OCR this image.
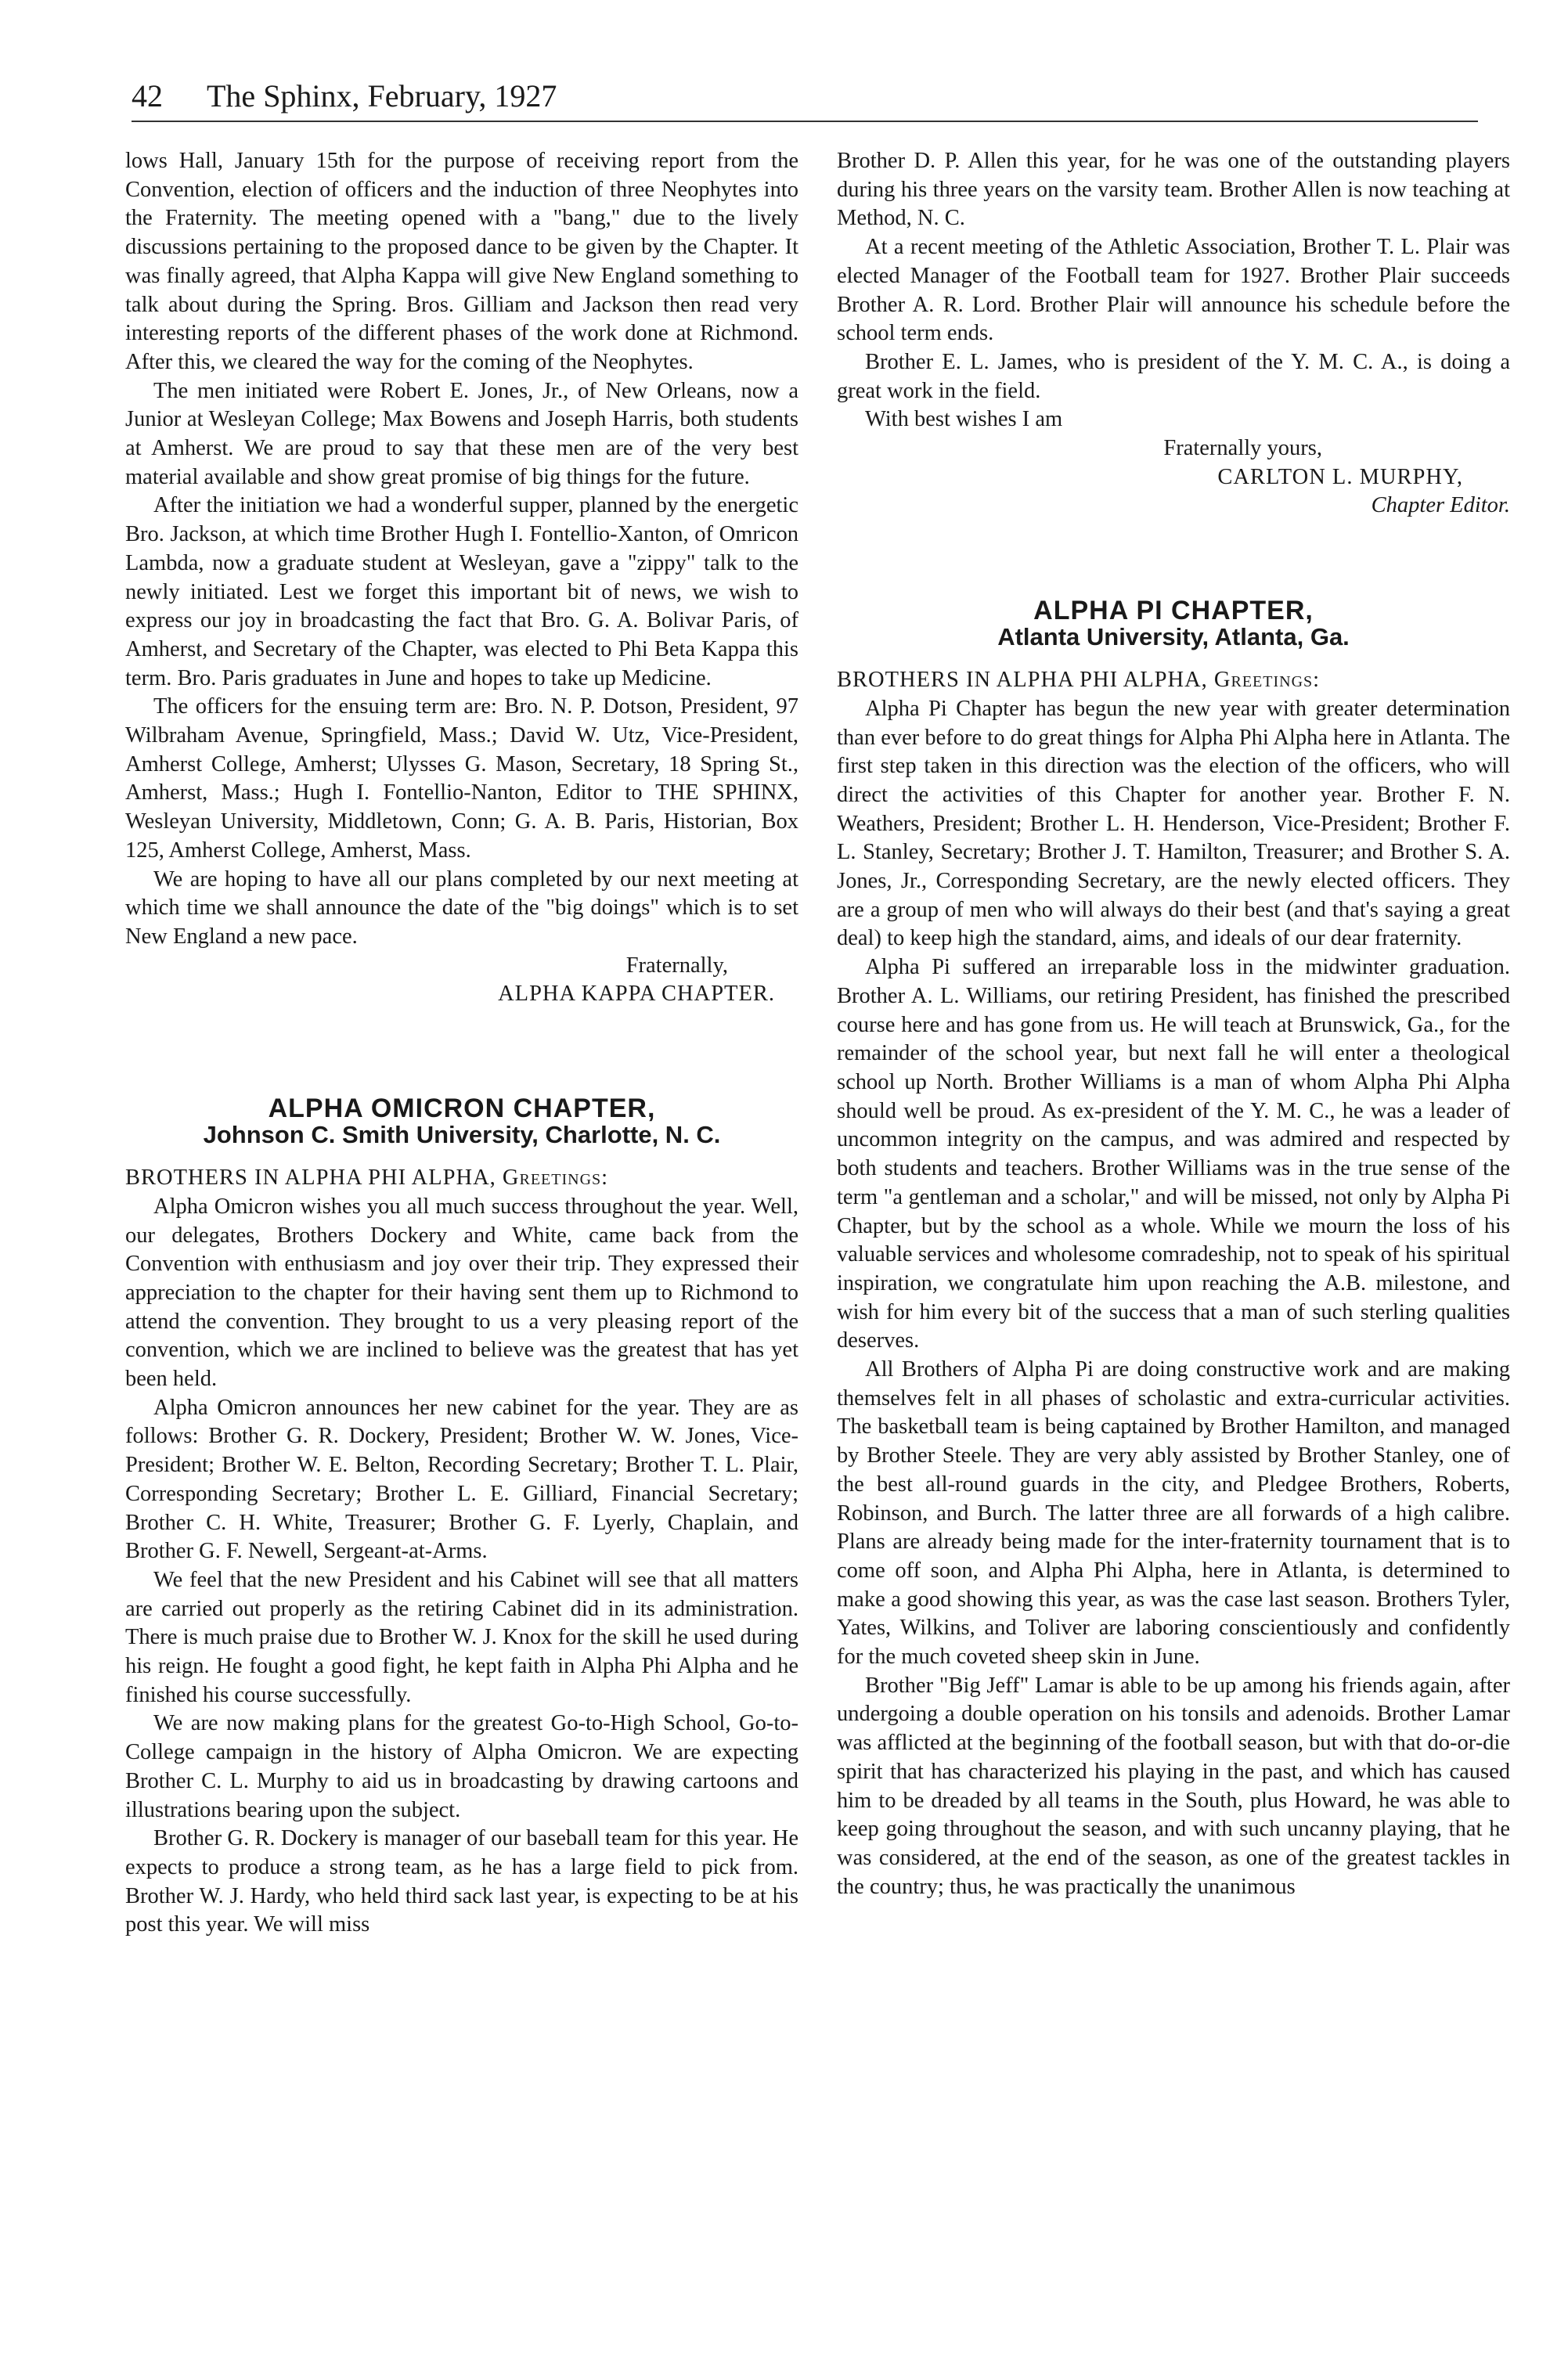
42 The Sphinx, February, 1927

lows Hall, January 15th for the purpose of receiving report from the Convention, election of officers and the induction of three Neophytes into the Fraternity. The meeting opened with a "bang," due to the lively discussions pertaining to the proposed dance to be given by the Chapter. It was finally agreed, that Alpha Kappa will give New England something to talk about during the Spring. Bros. Gilliam and Jackson then read very interesting reports of the different phases of the work done at Richmond. After this, we cleared the way for the coming of the Neophytes.

The men initiated were Robert E. Jones, Jr., of New Orleans, now a Junior at Wesleyan College; Max Bowens and Joseph Harris, both students at Amherst. We are proud to say that these men are of the very best material available and show great promise of big things for the future.

After the initiation we had a wonderful supper, planned by the energetic Bro. Jackson, at which time Brother Hugh I. Fontellio-Xanton, of Omricon Lambda, now a graduate student at Wesleyan, gave a "zippy" talk to the newly initiated. Lest we forget this important bit of news, we wish to express our joy in broadcasting the fact that Bro. G. A. Bolivar Paris, of Amherst, and Secretary of the Chapter, was elected to Phi Beta Kappa this term. Bro. Paris graduates in June and hopes to take up Medicine.

The officers for the ensuing term are: Bro. N. P. Dotson, President, 97 Wilbraham Avenue, Springfield, Mass.; David W. Utz, Vice-President, Amherst College, Amherst; Ulysses G. Mason, Secretary, 18 Spring St., Amherst, Mass.; Hugh I. Fontellio-Nanton, Editor to THE SPHINX, Wesleyan University, Middletown, Conn; G. A. B. Paris, Historian, Box 125, Amherst College, Amherst, Mass.

We are hoping to have all our plans completed by our next meeting at which time we shall announce the date of the "big doings" which is to set New England a new pace.

Fraternally,

ALPHA KAPPA CHAPTER.

ALPHA OMICRON CHAPTER,
Johnson C. Smith University, Charlotte, N. C.

BROTHERS IN ALPHA PHI ALPHA, Greetings:

Alpha Omicron wishes you all much success throughout the year. Well, our delegates, Brothers Dockery and White, came back from the Convention with enthusiasm and joy over their trip. They expressed their appreciation to the chapter for their having sent them up to Richmond to attend the convention. They brought to us a very pleasing report of the convention, which we are inclined to believe was the greatest that has yet been held.

Alpha Omicron announces her new cabinet for the year. They are as follows: Brother G. R. Dockery, President; Brother W. W. Jones, Vice-President; Brother W. E. Belton, Recording Secretary; Brother T. L. Plair, Corresponding Secretary; Brother L. E. Gilliard, Financial Secretary; Brother C. H. White, Treasurer; Brother G. F. Lyerly, Chaplain, and Brother G. F. Newell, Sergeant-at-Arms.

We feel that the new President and his Cabinet will see that all matters are carried out properly as the retiring Cabinet did in its administration. There is much praise due to Brother W. J. Knox for the skill he used during his reign. He fought a good fight, he kept faith in Alpha Phi Alpha and he finished his course successfully.

We are now making plans for the greatest Go-to-High School, Go-to-College campaign in the history of Alpha Omicron. We are expecting Brother C. L. Murphy to aid us in broadcasting by drawing cartoons and illustrations bearing upon the subject.

Brother G. R. Dockery is manager of our baseball team for this year. He expects to produce a strong team, as he has a large field to pick from. Brother W. J. Hardy, who held third sack last year, is expecting to be at his post this year. We will miss

Brother D. P. Allen this year, for he was one of the outstanding players during his three years on the varsity team. Brother Allen is now teaching at Method, N. C.

At a recent meeting of the Athletic Association, Brother T. L. Plair was elected Manager of the Football team for 1927. Brother Plair succeeds Brother A. R. Lord. Brother Plair will announce his schedule before the school term ends.

Brother E. L. James, who is president of the Y. M. C. A., is doing a great work in the field.

With best wishes I am

Fraternally yours,

CARLTON L. MURPHY,

Chapter Editor.

ALPHA PI CHAPTER,
Atlanta University, Atlanta, Ga.

BROTHERS IN ALPHA PHI ALPHA, Greetings:

Alpha Pi Chapter has begun the new year with greater determination than ever before to do great things for Alpha Phi Alpha here in Atlanta. The first step taken in this direction was the election of the officers, who will direct the activities of this Chapter for another year. Brother F. N. Weathers, President; Brother L. H. Henderson, Vice-President; Brother F. L. Stanley, Secretary; Brother J. T. Hamilton, Treasurer; and Brother S. A. Jones, Jr., Corresponding Secretary, are the newly elected officers. They are a group of men who will always do their best (and that's saying a great deal) to keep high the standard, aims, and ideals of our dear fraternity.

Alpha Pi suffered an irreparable loss in the midwinter graduation. Brother A. L. Williams, our retiring President, has finished the prescribed course here and has gone from us. He will teach at Brunswick, Ga., for the remainder of the school year, but next fall he will enter a theological school up North. Brother Williams is a man of whom Alpha Phi Alpha should well be proud. As ex-president of the Y. M. C., he was a leader of uncommon integrity on the campus, and was admired and respected by both students and teachers. Brother Williams was in the true sense of the term "a gentleman and a scholar," and will be missed, not only by Alpha Pi Chapter, but by the school as a whole. While we mourn the loss of his valuable services and wholesome comradeship, not to speak of his spiritual inspiration, we congratulate him upon reaching the A.B. milestone, and wish for him every bit of the success that a man of such sterling qualities deserves.

All Brothers of Alpha Pi are doing constructive work and are making themselves felt in all phases of scholastic and extra-curricular activities. The basketball team is being captained by Brother Hamilton, and managed by Brother Steele. They are very ably assisted by Brother Stanley, one of the best all-round guards in the city, and Pledgee Brothers, Roberts, Robinson, and Burch. The latter three are all forwards of a high calibre. Plans are already being made for the inter-fraternity tournament that is to come off soon, and Alpha Phi Alpha, here in Atlanta, is determined to make a good showing this year, as was the case last season. Brothers Tyler, Yates, Wilkins, and Toliver are laboring conscientiously and confidently for the much coveted sheep skin in June.

Brother "Big Jeff" Lamar is able to be up among his friends again, after undergoing a double operation on his tonsils and adenoids. Brother Lamar was afflicted at the beginning of the football season, but with that do-or-die spirit that has characterized his playing in the past, and which has caused him to be dreaded by all teams in the South, plus Howard, he was able to keep going throughout the season, and with such uncanny playing, that he was considered, at the end of the season, as one of the greatest tackles in the country; thus, he was practically the unanimous
